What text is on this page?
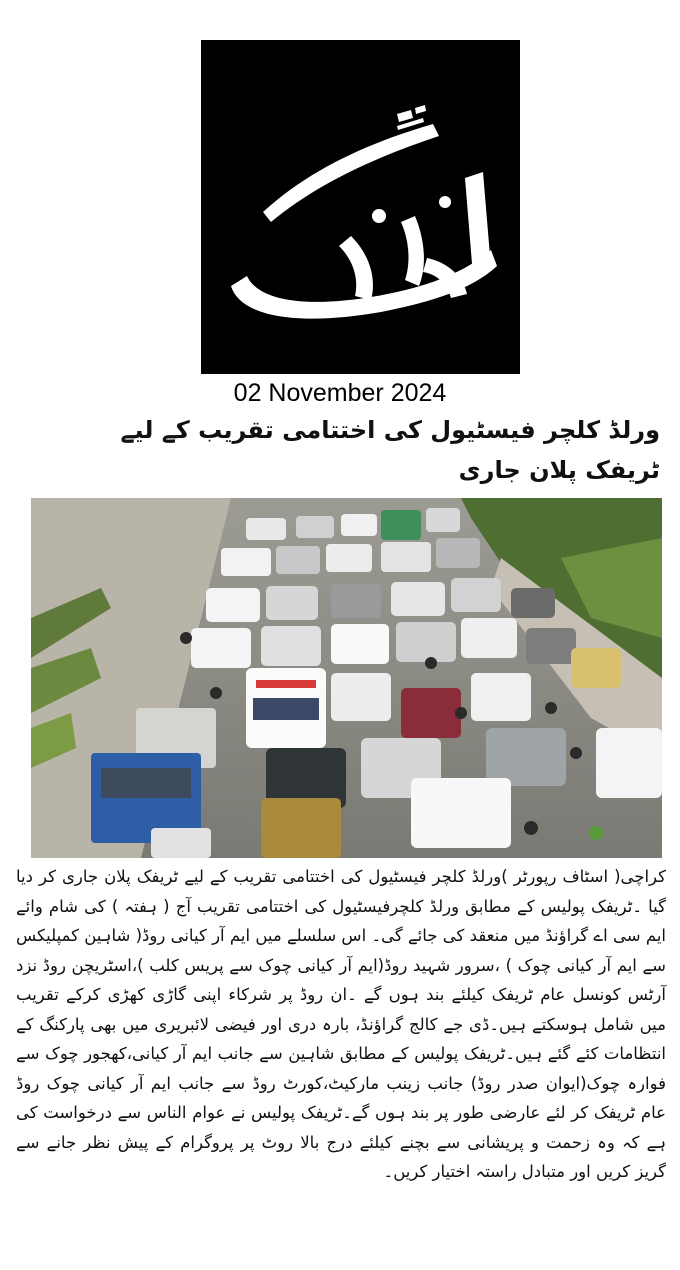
02 November 2024
ورلڈ کلچر فیسٹیول کی اختتامی تقریب کے لیے ٹریفک پلان جاری
کراچی( اسٹاف رپورٹر )ورلڈ کلچر فیسٹیول کی اختتامی تقریب کے لیے ٹریفک پلان جاری کر دیا گیا ۔ٹریفک پولیس کے مطابق ورلڈ کلچرفیسٹیول کی اختتامی تقریب آج ( ہفتہ ) کی شام وائے ایم سی اے گراؤنڈ میں منعقد کی جائے گی۔ اس سلسلے میں ایم آر کیانی روڈ( شاہین کمپلیکس سے ایم آر کیانی چوک ) ،سرور شہید روڈ(ایم آر کیانی چوک سے پریس کلب )،اسٹریچن روڈ نزد آرٹس کونسل عام ٹریفک کیلئے بند ہوں گے ۔ان روڈ پر شرکاء اپنی گاڑی کھڑی کرکے تقریب میں شامل ہوسکتے ہیں۔ڈی جے کالج گراؤنڈ، بارہ دری اور فیضی لائبریری میں بھی پارکنگ کے انتظامات کئے گئے ہیں۔ٹریفک پولیس کے مطابق شاہین سے جانب ایم آر کیانی،کھجور چوک سے فوارہ چوک(ایوان صدر روڈ) جانب زینب مارکیٹ،کورٹ روڈ سے جانب ایم آر کیانی چوک روڈ عام ٹریفک کر لئے عارضی طور پر بند ہوں گے۔ٹریفک پولیس نے عوام الناس سے درخواست کی ہے کہ وہ زحمت و پریشانی سے بچنے کیلئے درج بالا روٹ پر پروگرام کے پیش نظر جانے سے گریز کریں اور متبادل راستہ اختیار کریں۔
